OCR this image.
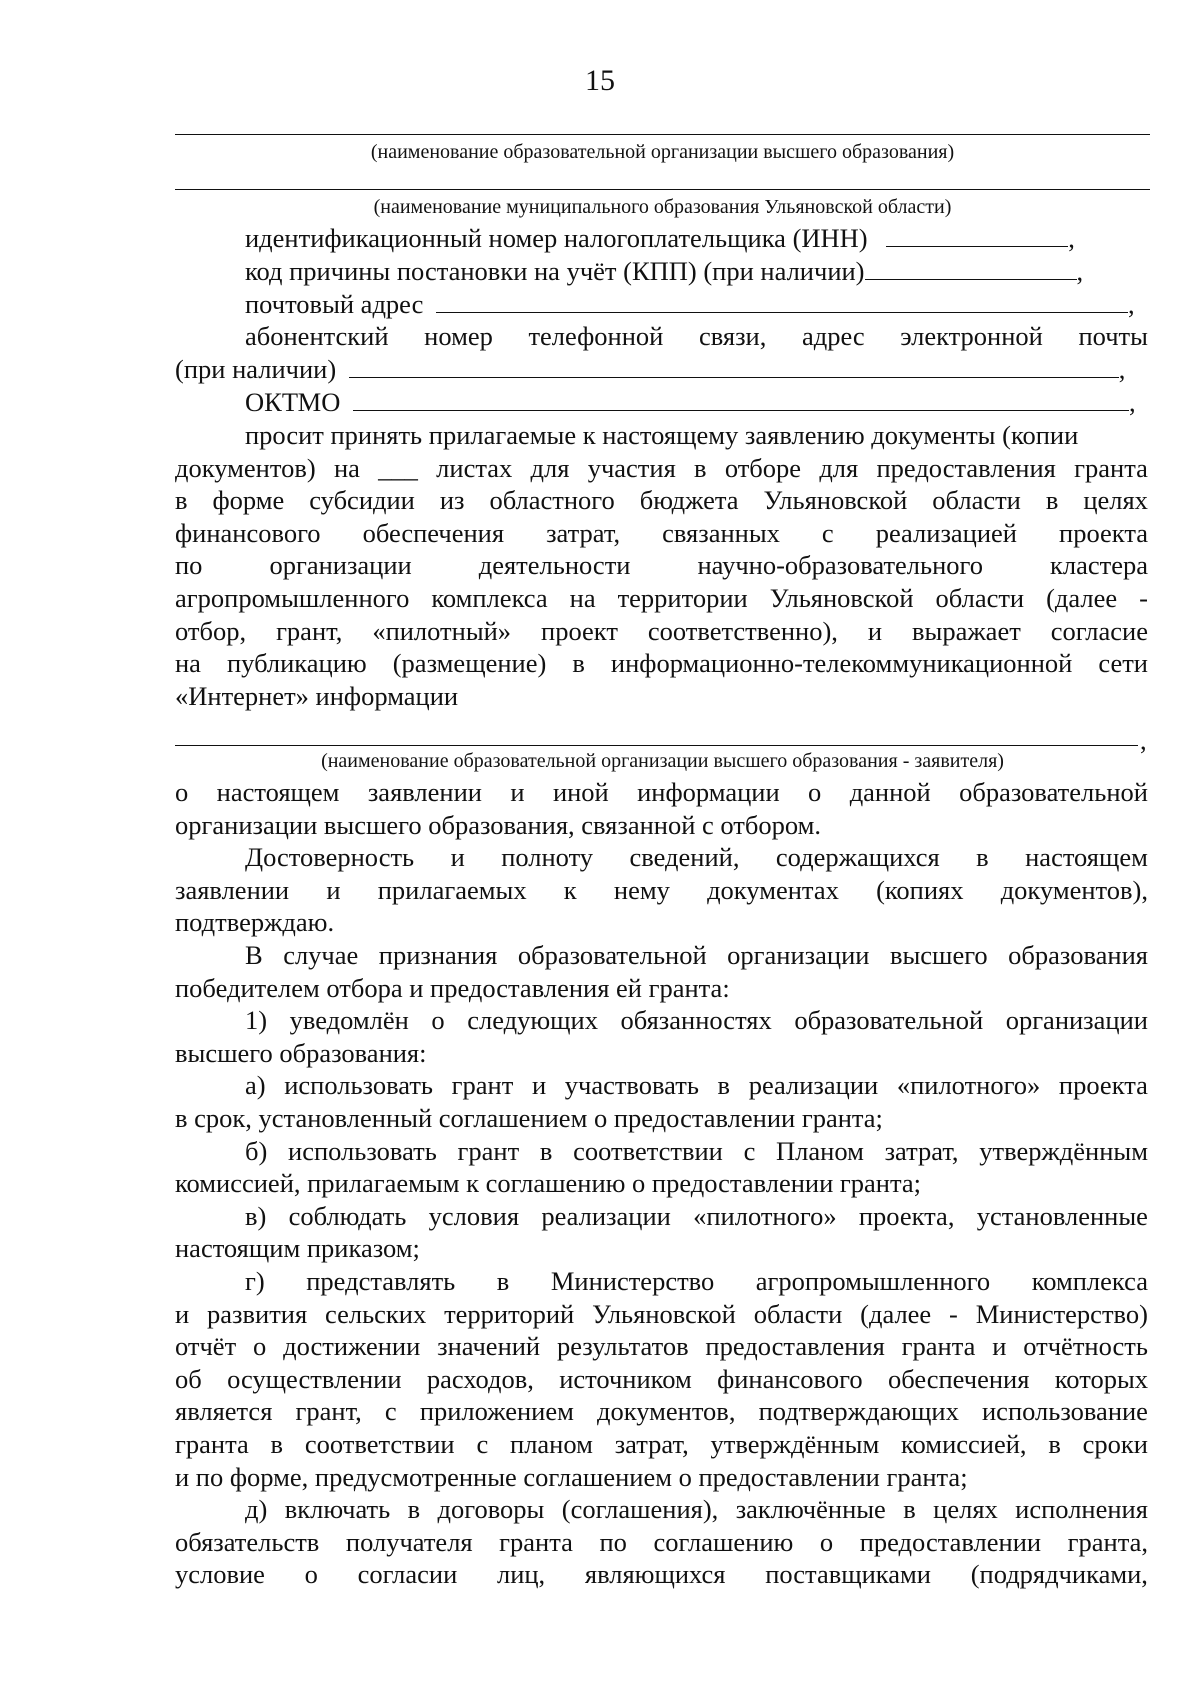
15
(наименование образовательной организации высшего образования)
(наименование муниципального образования Ульяновской области)
идентификационный номер налогоплательщика (ИНН)	,
код причины постановки на учёт (КПП) (при наличии)	,
почтовый адрес	,
абонентский номер телефонной связи, адрес электронной почты
(при наличии)	,
ОКТМО	,
просит принять прилагаемые к настоящему заявлению документы (копии
документов) на ___ листах для участия в отборе для предоставления гранта
в форме субсидии из областного бюджета Ульяновской области в целях
финансового обеспечения затрат, связанных с реализацией проекта
по	организации	деятельности	научно-образовательного	кластера
агропромышленного комплекса на территории Ульяновской области (далее -
отбор, грант, «пилотный» проект соответственно), и выражает согласие
на публикацию (размещение) в информационно-телекоммуникационной сети
«Интернет» информации
,
(наименование образовательной организации высшего образования - заявителя)
о настоящем заявлении и иной информации о данной образовательной
организации высшего образования, связанной с отбором.
Достоверность и полноту сведений, содержащихся в настоящем
заявлении и прилагаемых к нему документах (копиях документов),
подтверждаю.
В случае признания образовательной организации высшего образования
победителем отбора и предоставления ей гранта:
1) уведомлён о следующих обязанностях образовательной организации
высшего образования:
а) использовать грант и участвовать в реализации «пилотного» проекта
в срок, установленный соглашением о предоставлении гранта;
б) использовать грант в соответствии с Планом затрат, утверждённым
комиссией, прилагаемым к соглашению о предоставлении гранта;
в) соблюдать условия реализации «пилотного» проекта, установленные
настоящим приказом;
г) представлять в Министерство агропромышленного комплекса
и развития сельских территорий Ульяновской области (далее - Министерство)
отчёт о достижении значений результатов предоставления гранта и отчётность
об осуществлении расходов, источником финансового обеспечения которых
является грант, с приложением документов, подтверждающих использование
гранта в соответствии с планом затрат, утверждённым комиссией, в сроки
и по форме, предусмотренные соглашением о предоставлении гранта;
д) включать в договоры (соглашения), заключённые в целях исполнения
обязательств получателя гранта по соглашению о предоставлении гранта,
условие о согласии лиц, являющихся поставщиками (подрядчиками,
